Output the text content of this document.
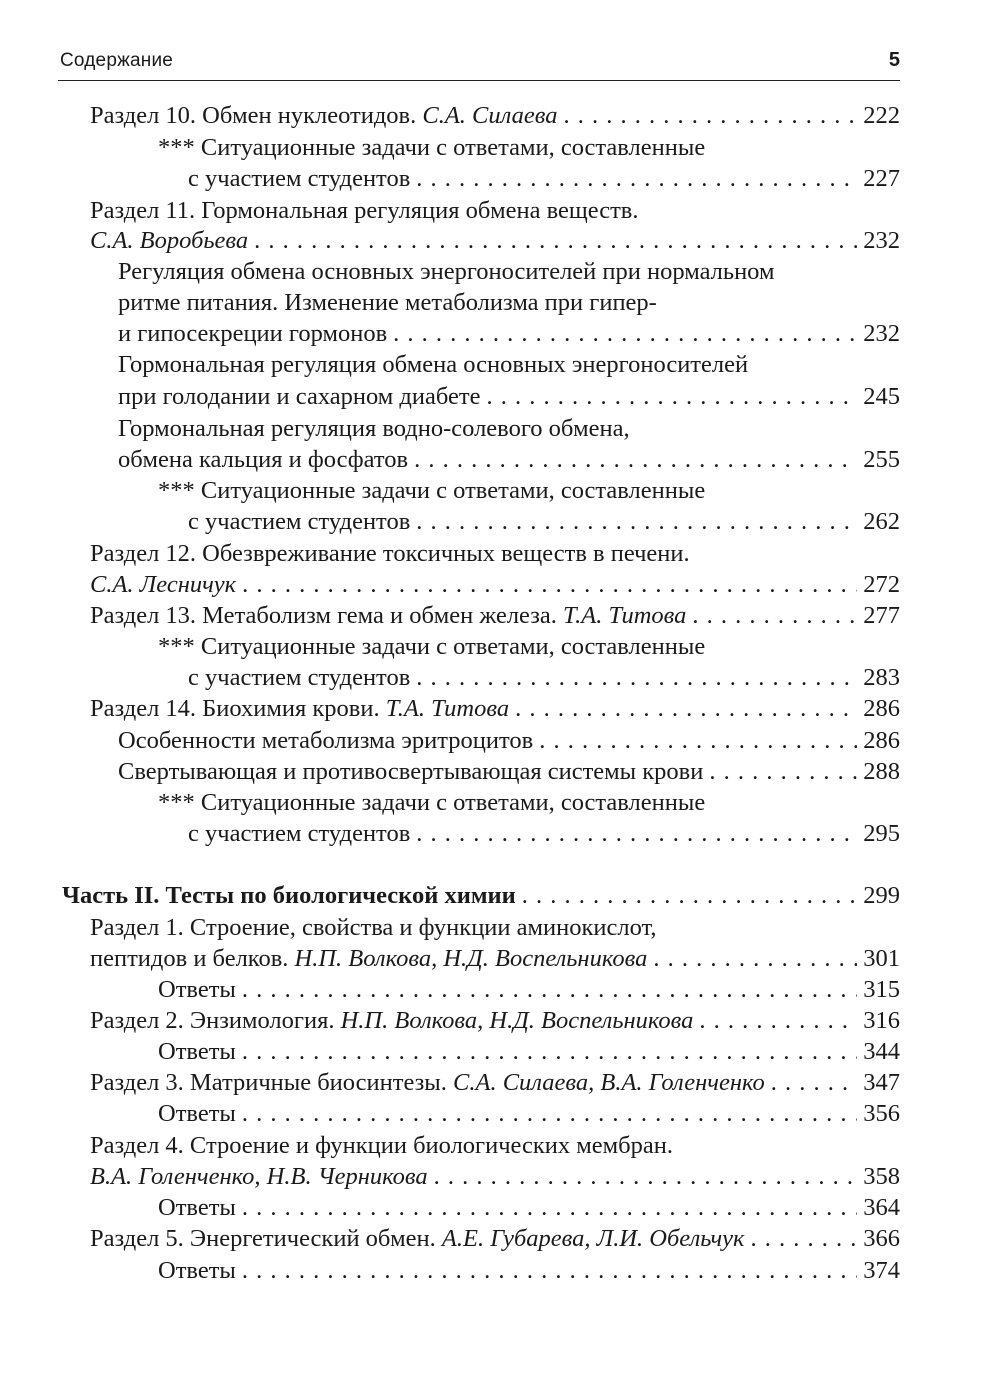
Содержание	5
Раздел 10. Обмен нуклеотидов. С.А. Силаева . . .	222
*** Ситуационные задачи с ответами, составленные
с участием студентов . . .	227
Раздел 11. Гормональная регуляция обмена веществ.
С.А. Воробьева . . .	232
Регуляция обмена основных энергоносителей при нормальном
ритме питания. Изменение метаболизма при гипер-
и гипосекреции гормонов . . .	232
Гормональная регуляция обмена основных энергоносителей
при голодании и сахарном диабете . . .	245
Гормональная регуляция водно-солевого обмена,
обмена кальция и фосфатов . . .	255
*** Ситуационные задачи с ответами, составленные
с участием студентов . . .	262
Раздел 12. Обезвреживание токсичных веществ в печени.
С.А. Лесничук . . .	272
Раздел 13. Метаболизм гема и обмен железа. Т.А. Титова . . .	277
*** Ситуационные задачи с ответами, составленные
с участием студентов . . .	283
Раздел 14. Биохимия крови. Т.А. Титова . . .	286
Особенности метаболизма эритроцитов . . .	286
Свертывающая и противосвертывающая системы крови . . .	288
*** Ситуационные задачи с ответами, составленные
с участием студентов . . .	295
Часть II. Тесты по биологической химии . . .	299
Раздел 1. Строение, свойства и функции аминокислот,
пептидов и белков. Н.П. Волкова, Н.Д. Воспельникова . . .	301
Ответы . . .	315
Раздел 2. Энзимология. Н.П. Волкова, Н.Д. Воспельникова . . .	316
Ответы . . .	344
Раздел 3. Матричные биосинтезы. С.А. Силаева, В.А. Голенченко . . .	347
Ответы . . .	356
Раздел 4. Строение и функции биологических мембран.
В.А. Голенченко, Н.В. Черникова . . .	358
Ответы . . .	364
Раздел 5. Энергетический обмен. А.Е. Губарева, Л.И. Обельчук . . .	366
Ответы . . .	374
